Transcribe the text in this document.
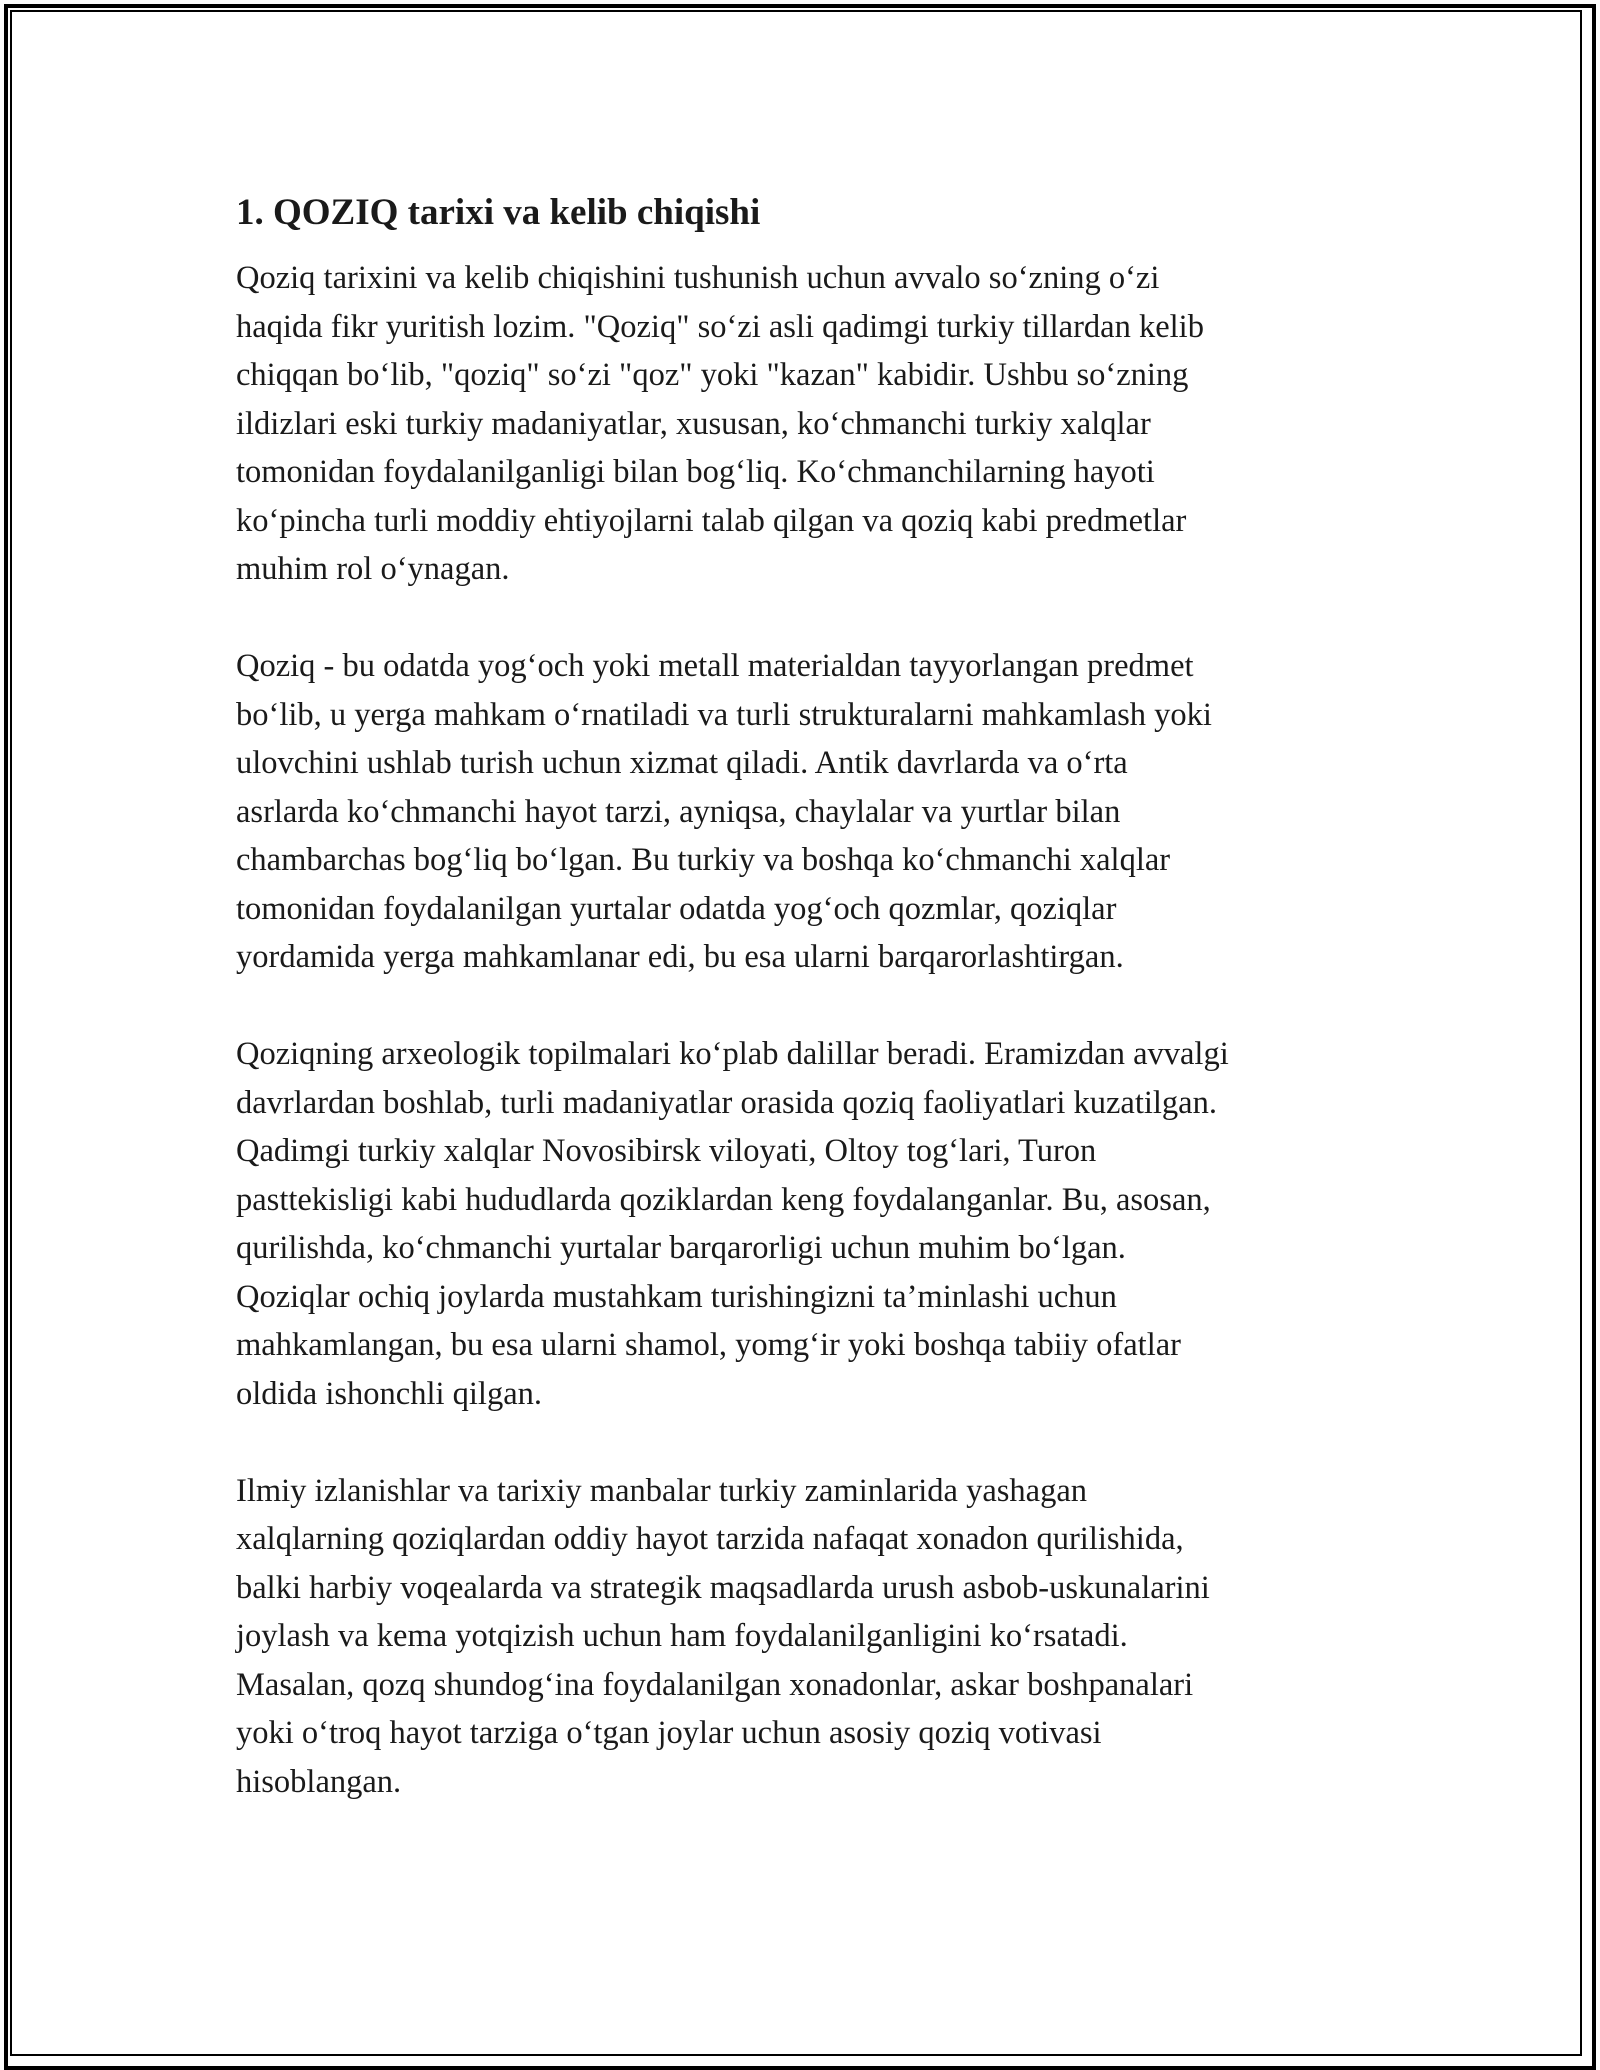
1. QOZIQ tarixi va kelib chiqishi
Qoziq tarixini va kelib chiqishini tushunish uchun avvalo so‘zning o‘zi
haqida fikr yuritish lozim. "Qoziq" so‘zi asli qadimgi turkiy tillardan kelib
chiqqan bo‘lib, "qoziq" so‘zi "qoz" yoki "kazan" kabidir. Ushbu so‘zning
ildizlari eski turkiy madaniyatlar, xususan, ko‘chmanchi turkiy xalqlar
tomonidan foydalanilganligi bilan bog‘liq. Ko‘chmanchilarning hayoti
ko‘pincha turli moddiy ehtiyojlarni talab qilgan va qoziq kabi predmetlar
muhim rol o‘ynagan.
Qoziq - bu odatda yog‘och yoki metall materialdan tayyorlangan predmet
bo‘lib, u yerga mahkam o‘rnatiladi va turli strukturalarni mahkamlash yoki
ulovchini ushlab turish uchun xizmat qiladi. Antik davrlarda va o‘rta
asrlarda ko‘chmanchi hayot tarzi, ayniqsa, chaylalar va yurtlar bilan
chambarchas bog‘liq bo‘lgan. Bu turkiy va boshqa ko‘chmanchi xalqlar
tomonidan foydalanilgan yurtalar odatda yog‘och qozmlar, qoziqlar
yordamida yerga mahkamlanar edi, bu esa ularni barqarorlashtirgan.
Qoziqning arxeologik topilmalari ko‘plab dalillar beradi. Eramizdan avvalgi
davrlardan boshlab, turli madaniyatlar orasida qoziq faoliyatlari kuzatilgan.
Qadimgi turkiy xalqlar Novosibirsk viloyati, Oltoy tog‘lari, Turon
pasttekisligi kabi hududlarda qoziklardan keng foydalanganlar. Bu, asosan,
qurilishda, ko‘chmanchi yurtalar barqarorligi uchun muhim bo‘lgan.
Qoziqlar ochiq joylarda mustahkam turishingizni ta’minlashi uchun
mahkamlangan, bu esa ularni shamol, yomg‘ir yoki boshqa tabiiy ofatlar
oldida ishonchli qilgan.
Ilmiy izlanishlar va tarixiy manbalar turkiy zaminlarida yashagan
xalqlarning qoziqlardan oddiy hayot tarzida nafaqat xonadon qurilishida,
balki harbiy voqealarda va strategik maqsadlarda urush asbob-uskunalarini
joylash va kema yotqizish uchun ham foydalanilganligini ko‘rsatadi.
Masalan, qozq shundog‘ina foydalanilgan xonadonlar, askar boshpanalari
yoki o‘troq hayot tarziga o‘tgan joylar uchun asosiy qoziq votivasi
hisoblangan.
